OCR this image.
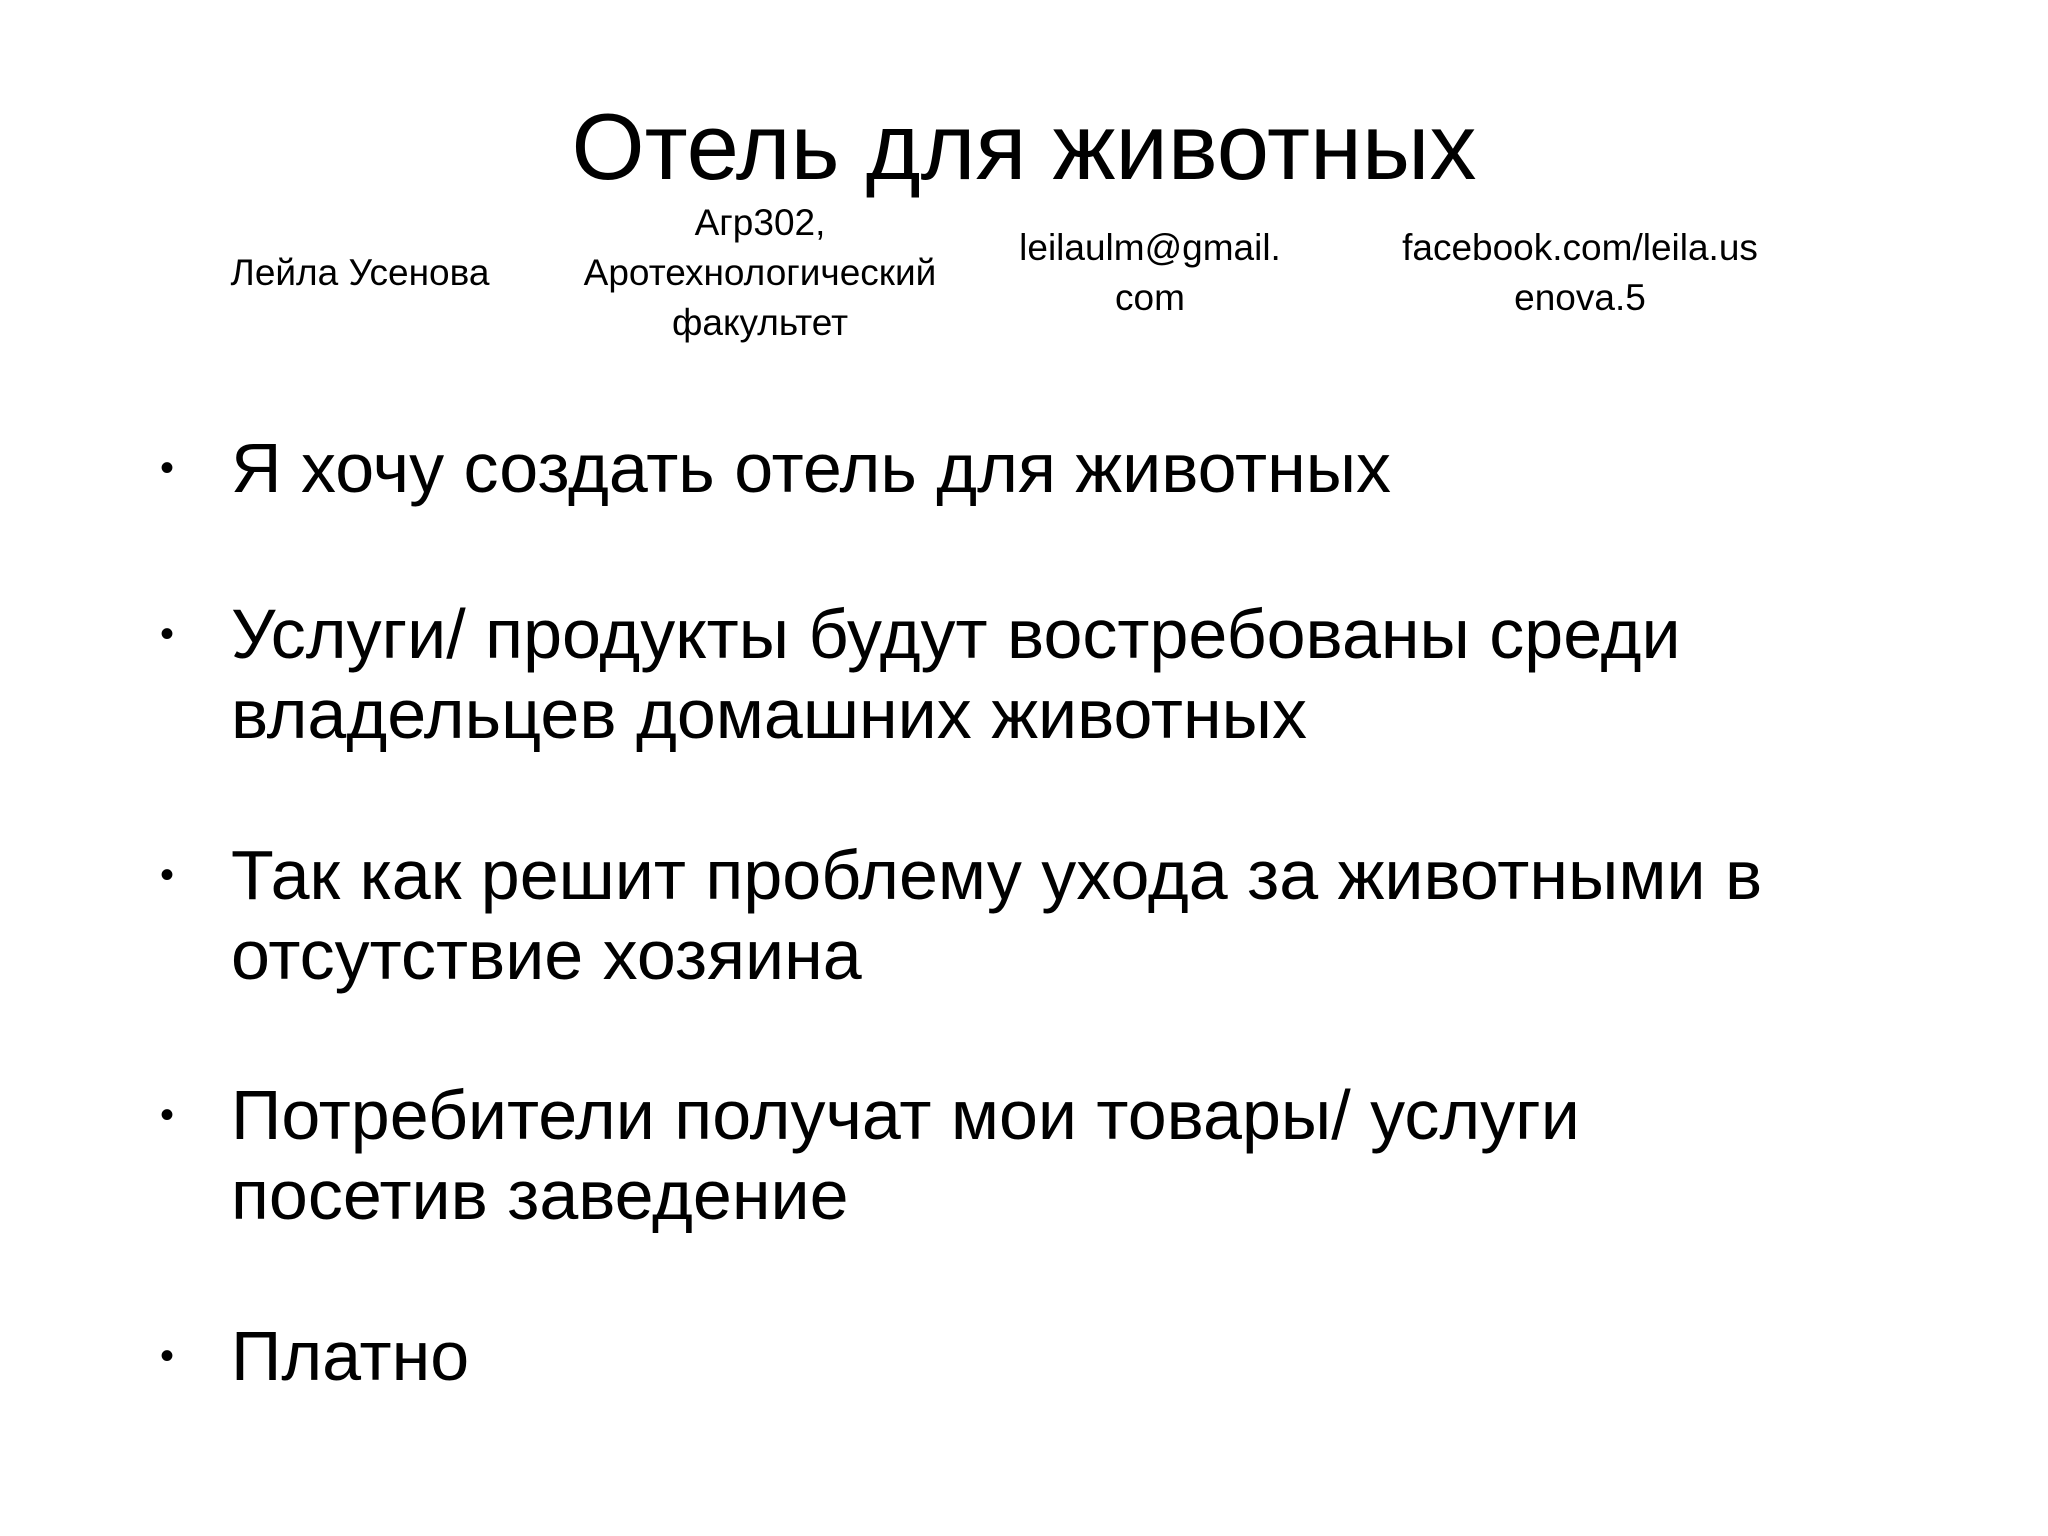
Отель для животных
Лейла Усенова
Агр302,
Аротехнологический
факультет
leilaulm@gmail.
com
facebook.com/leila.us
enova.5
• Я хочу создать отель для животных
• Услуги/ продукты будут востребованы среди
владельцев домашних животных
• Так как решит проблему ухода за животными в
отсутствие хозяина
• Потребители получат мои товары/ услуги
посетив заведение
• Платно
